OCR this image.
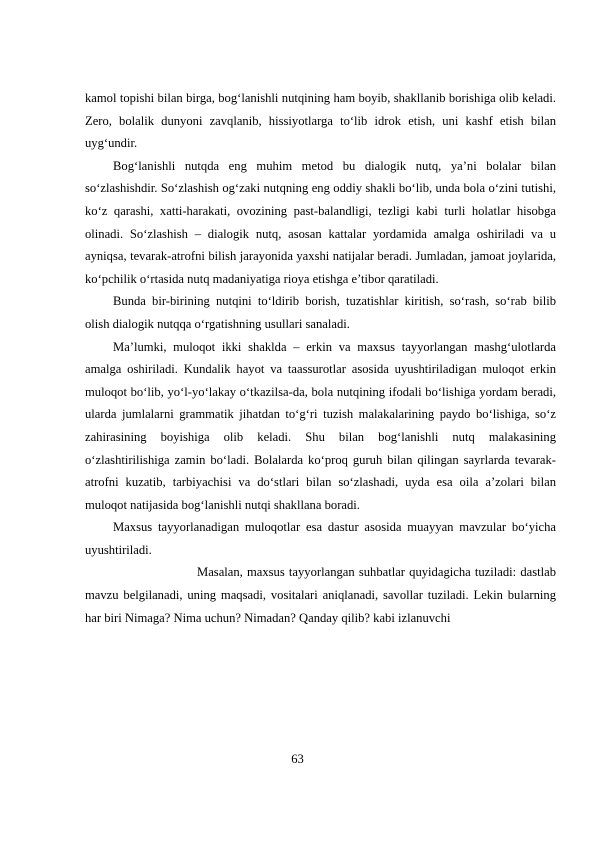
kamol topishi bilan birga, bog‘lanishli nutqining ham boyib, shakllanib borishiga olib keladi. Zero, bolalik dunyoni zavqlanib, hissiyotlarga to‘lib idrok etish, uni kashf etish bilan uyg‘undir.

Bog‘lanishli nutqda eng muhim metod bu dialogik nutq, ya’ni bolalar bilan so‘zlashishdir. So‘zlashish og‘zaki nutqning eng oddiy shakli bo‘lib, unda bola o‘zini tutishi, ko‘z qarashi, xatti-harakati, ovozining past-balandligi, tezligi kabi turli holatlar hisobga olinadi. So‘zlashish – dialogik nutq, asosan kattalar yordamida amalga oshiriladi va u ayniqsa, tevarak-atrofni bilish jarayonida yaxshi natijalar beradi. Jumladan, jamoat joylarida, ko‘pchilik o‘rtasida nutq madaniyatiga rioya etishga e’tibor qaratiladi.

Bunda bir-birining nutqini to‘ldirib borish, tuzatishlar kiritish, so‘rash, so‘rab bilib olish dialogik nutqqa o‘rgatishning usullari sanaladi.

Ma’lumki, muloqot ikki shaklda – erkin va maxsus tayyorlangan mashg‘ulotlarda amalga oshiriladi. Kundalik hayot va taassurotlar asosida uyushtiriladigan muloqot erkin muloqot bo‘lib, yo‘l-yo‘lakay o‘tkazilsa-da, bola nutqining ifodali bo‘lishiga yordam beradi, ularda jumlalarni grammatik jihatdan to‘g‘ri tuzish malakalarining paydo bo‘lishiga, so‘z zahirasining boyishiga olib keladi. Shu bilan bog‘lanishli nutq malakasining o‘zlashtirilishiga zamin bo‘ladi. Bolalarda ko‘proq guruh bilan qilingan sayrlarda tevarak-atrofni kuzatib, tarbiyachisi va do‘stlari bilan so‘zlashadi, uyda esa oila a’zolari bilan muloqot natijasida bog‘lanishli nutqi shakllana boradi.

Maxsus tayyorlanadigan muloqotlar esa dastur asosida muayyan mavzular bo‘yicha uyushtiriladi.

Masalan, maxsus tayyorlangan suhbatlar quyidagicha tuziladi: dastlab mavzu belgilanadi, uning maqsadi, vositalari aniqlanadi, savollar tuziladi. Lekin bularning har biri Nimaga? Nima uchun? Nimadan? Qanday qilib? kabi izlanuvchi

63
